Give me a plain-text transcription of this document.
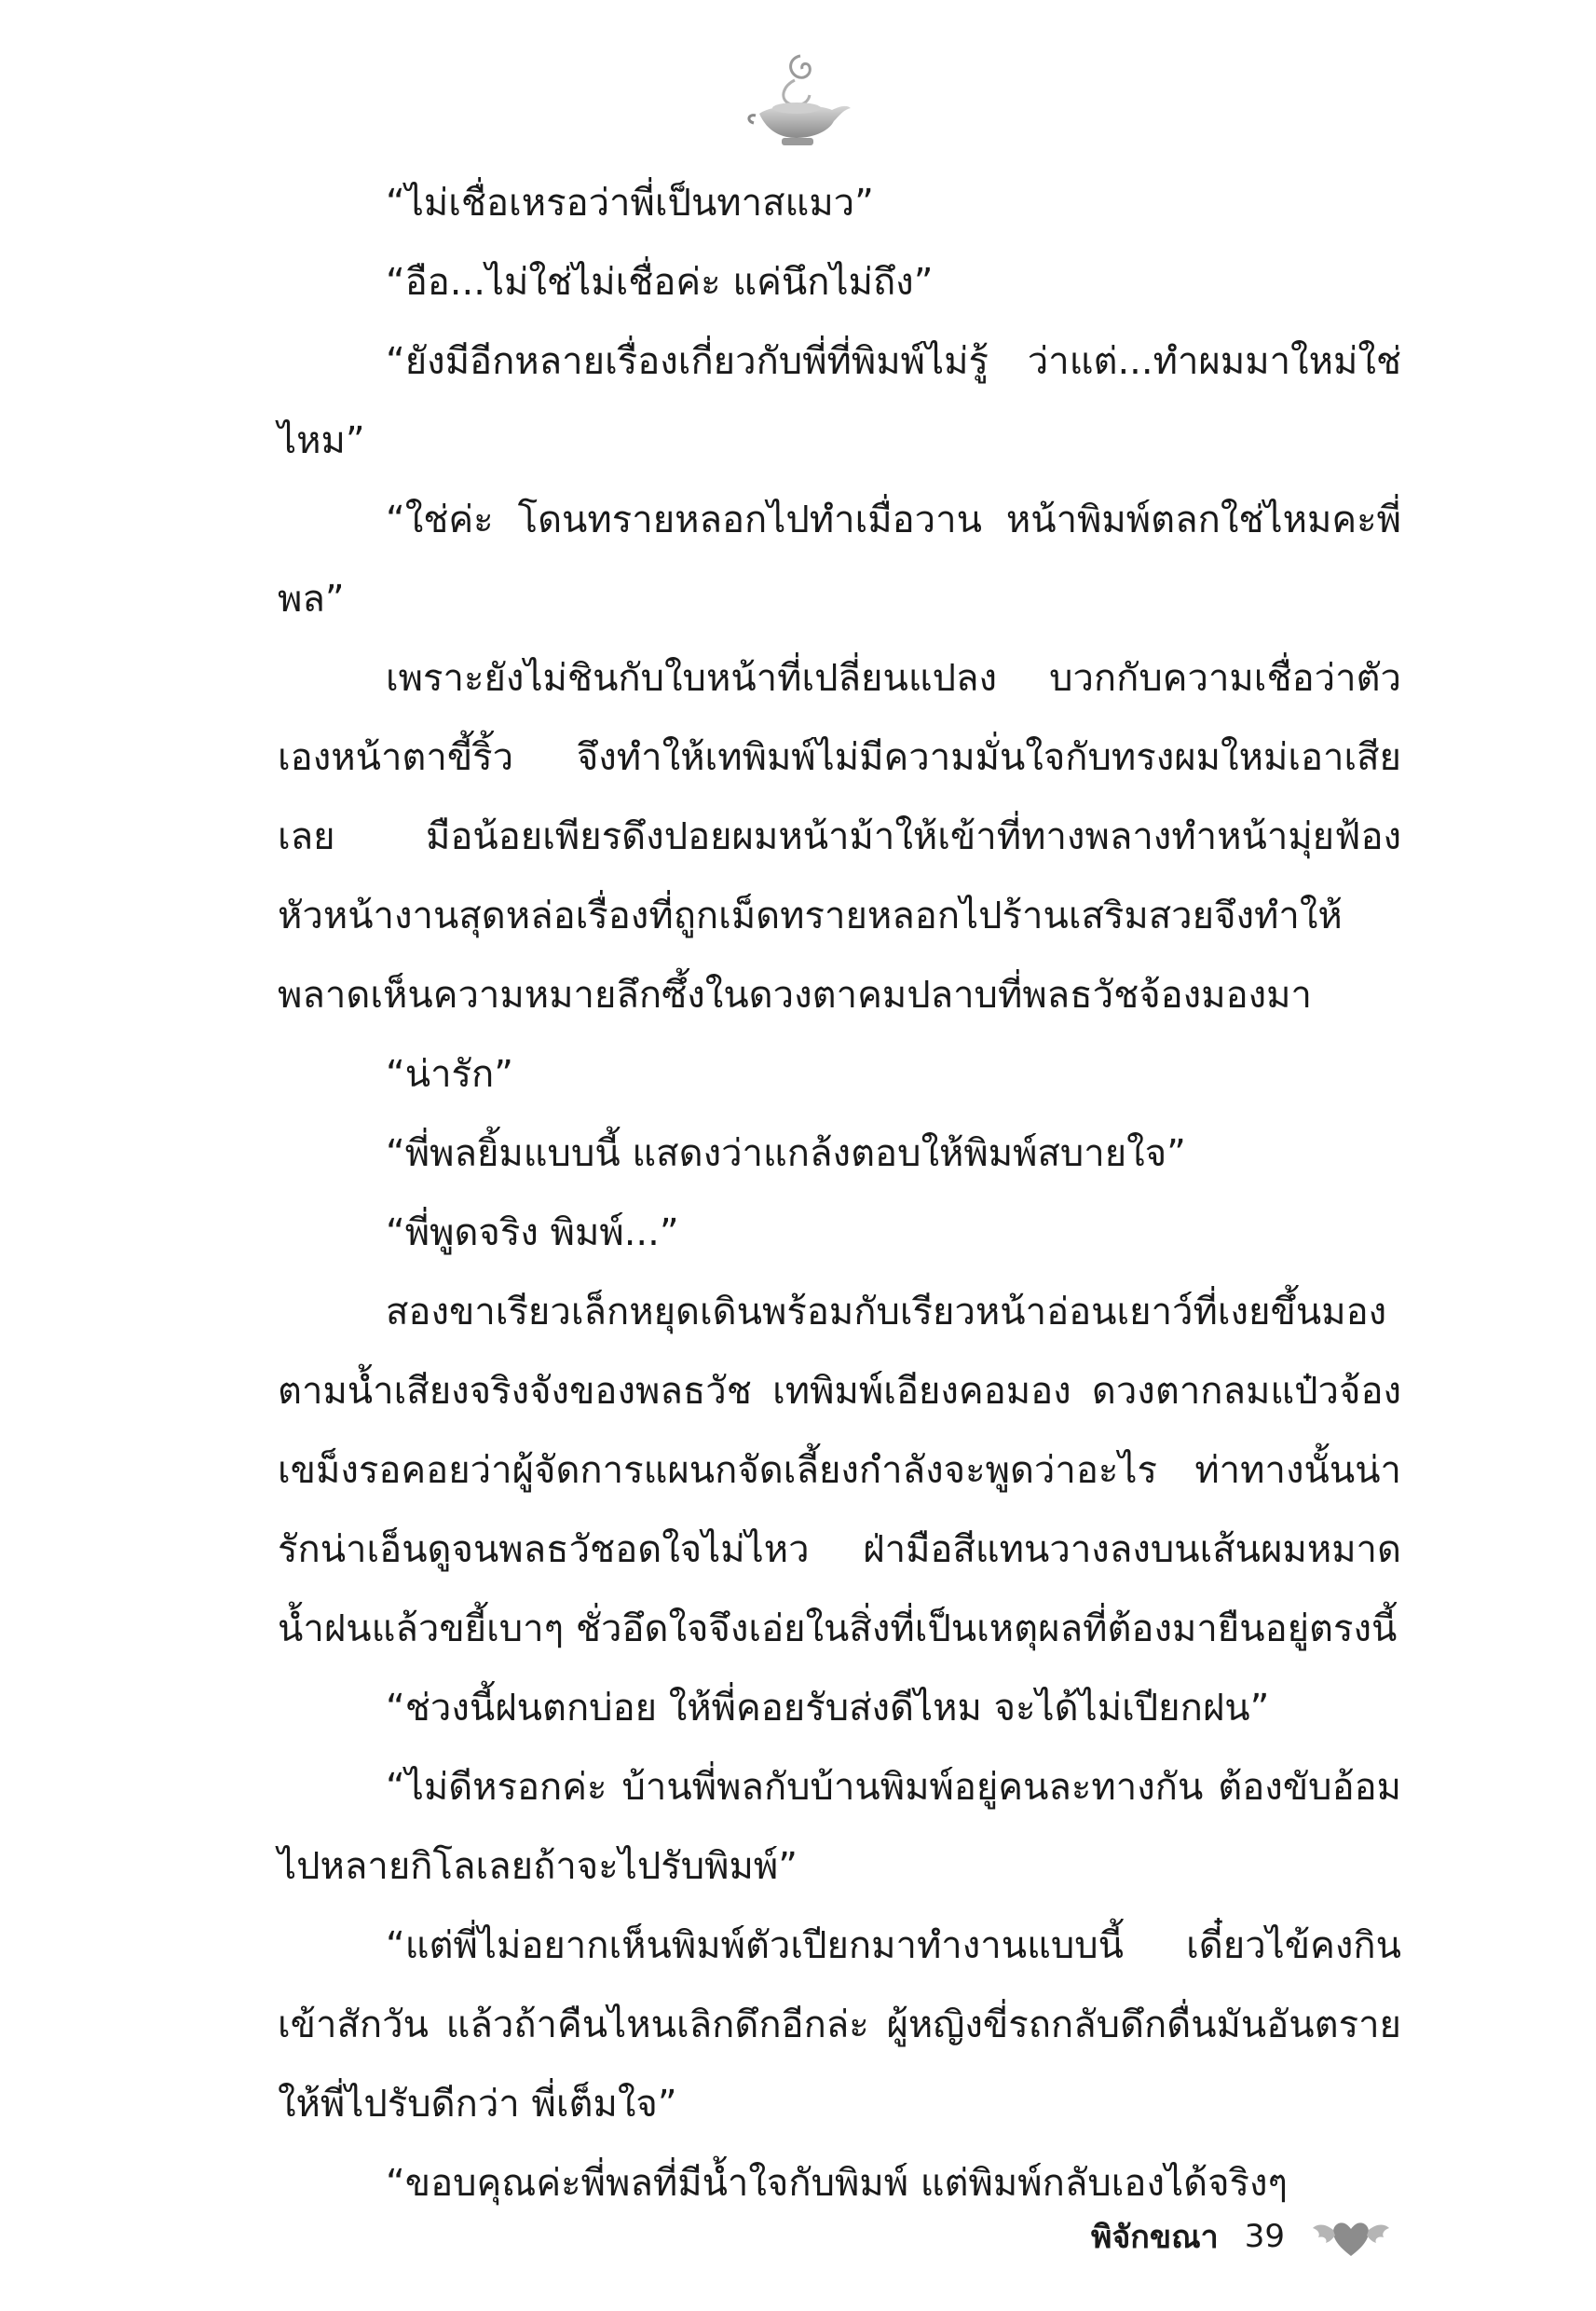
“ไม่เชื่อเหรอว่าพี่เป็นทาสแมว”

“อือ...ไม่ใช่ไม่เชื่อค่ะ แค่นึกไม่ถึง”

“ยังมีอีกหลายเรื่องเกี่ยวกับพี่ที่พิมพ์ไม่รู้ ว่าแต่...ทำผมมาใหม่ใช่ไหม”

“ใช่ค่ะ โดนทรายหลอกไปทำเมื่อวาน หน้าพิมพ์ตลกใช่ไหมคะพี่พล”

เพราะยังไม่ชินกับใบหน้าที่เปลี่ยนแปลง บวกกับความเชื่อว่าตัวเองหน้าตาขี้ริ้ว จึงทำให้เทพิมพ์ไม่มีความมั่นใจกับทรงผมใหม่เอาเสียเลย มือน้อยเพียรดึงปอยผมหน้าม้าให้เข้าที่ทางพลางทำหน้ามุ่ยฟ้องหัวหน้างานสุดหล่อเรื่องที่ถูกเม็ดทรายหลอกไปร้านเสริมสวยจึงทำให้พลาดเห็นความหมายลึกซึ้งในดวงตาคมปลาบที่พลธวัชจ้องมองมา

“น่ารัก”

“พี่พลยิ้มแบบนี้ แสดงว่าแกล้งตอบให้พิมพ์สบายใจ”

“พี่พูดจริง พิมพ์...”

สองขาเรียวเล็กหยุดเดินพร้อมกับเรียวหน้าอ่อนเยาว์ที่เงยขึ้นมองตามน้ำเสียงจริงจังของพลธวัช เทพิมพ์เอียงคอมอง ดวงตากลมแป๋วจ้องเขม็งรอคอยว่าผู้จัดการแผนกจัดเลี้ยงกำลังจะพูดว่าอะไร ท่าทางนั้นน่ารักน่าเอ็นดูจนพลธวัชอดใจไม่ไหว ฝ่ามือสีแทนวางลงบนเส้นผมหมาดน้ำฝนแล้วขยี้เบาๆ ชั่วอึดใจจึงเอ่ยในสิ่งที่เป็นเหตุผลที่ต้องมายืนอยู่ตรงนี้

“ช่วงนี้ฝนตกบ่อย ให้พี่คอยรับส่งดีไหม จะได้ไม่เปียกฝน”

“ไม่ดีหรอกค่ะ บ้านพี่พลกับบ้านพิมพ์อยู่คนละทางกัน ต้องขับอ้อมไปหลายกิโลเลยถ้าจะไปรับพิมพ์”

“แต่พี่ไม่อยากเห็นพิมพ์ตัวเปียกมาทำงานแบบนี้ เดี๋ยวไข้คงกินเข้าสักวัน แล้วถ้าคืนไหนเลิกดึกอีกล่ะ ผู้หญิงขี่รถกลับดึกดื่นมันอันตราย ให้พี่ไปรับดีกว่า พี่เต็มใจ”

“ขอบคุณค่ะพี่พลที่มีน้ำใจกับพิมพ์ แต่พิมพ์กลับเองได้จริงๆ

พิจักขณา 39
